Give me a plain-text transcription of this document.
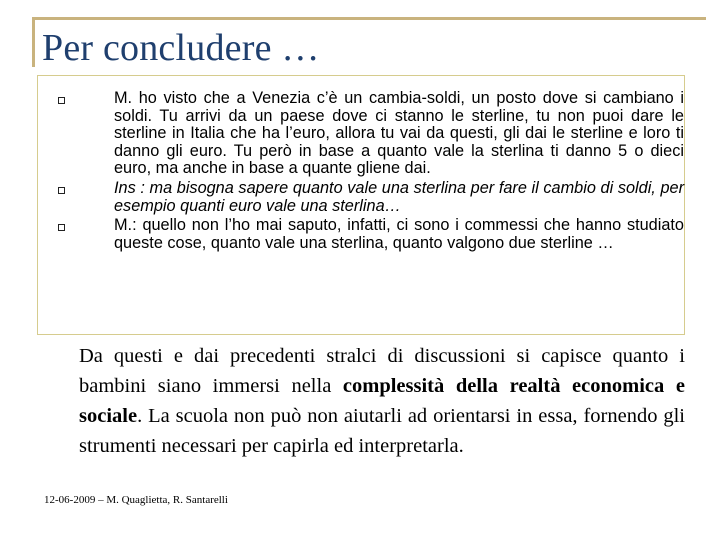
Per concludere …
M. ho visto che a Venezia c’è un cambia-soldi, un posto dove si cambiano i soldi. Tu arrivi da un paese dove ci stanno le sterline, tu non puoi dare le sterline in Italia che ha l’euro, allora tu vai da questi, gli dai le sterline e loro ti danno gli euro. Tu però in base a quanto vale la sterlina ti danno 5 o dieci euro, ma anche in base a quante gliene dai.
Ins : ma bisogna sapere quanto vale una sterlina per fare il cambio di soldi, per esempio quanti euro vale una sterlina…
M.: quello non l’ho mai saputo, infatti, ci sono i commessi che hanno studiato queste cose, quanto vale una sterlina, quanto valgono due sterline …

Da questi e dai precedenti stralci di discussioni si capisce quanto i bambini siano immersi nella complessità della realtà economica e sociale. La scuola non può non aiutarli ad orientarsi in essa, fornendo gli strumenti necessari per capirla ed interpretarla.

12-06-2009 – M. Quaglietta, R. Santarelli
